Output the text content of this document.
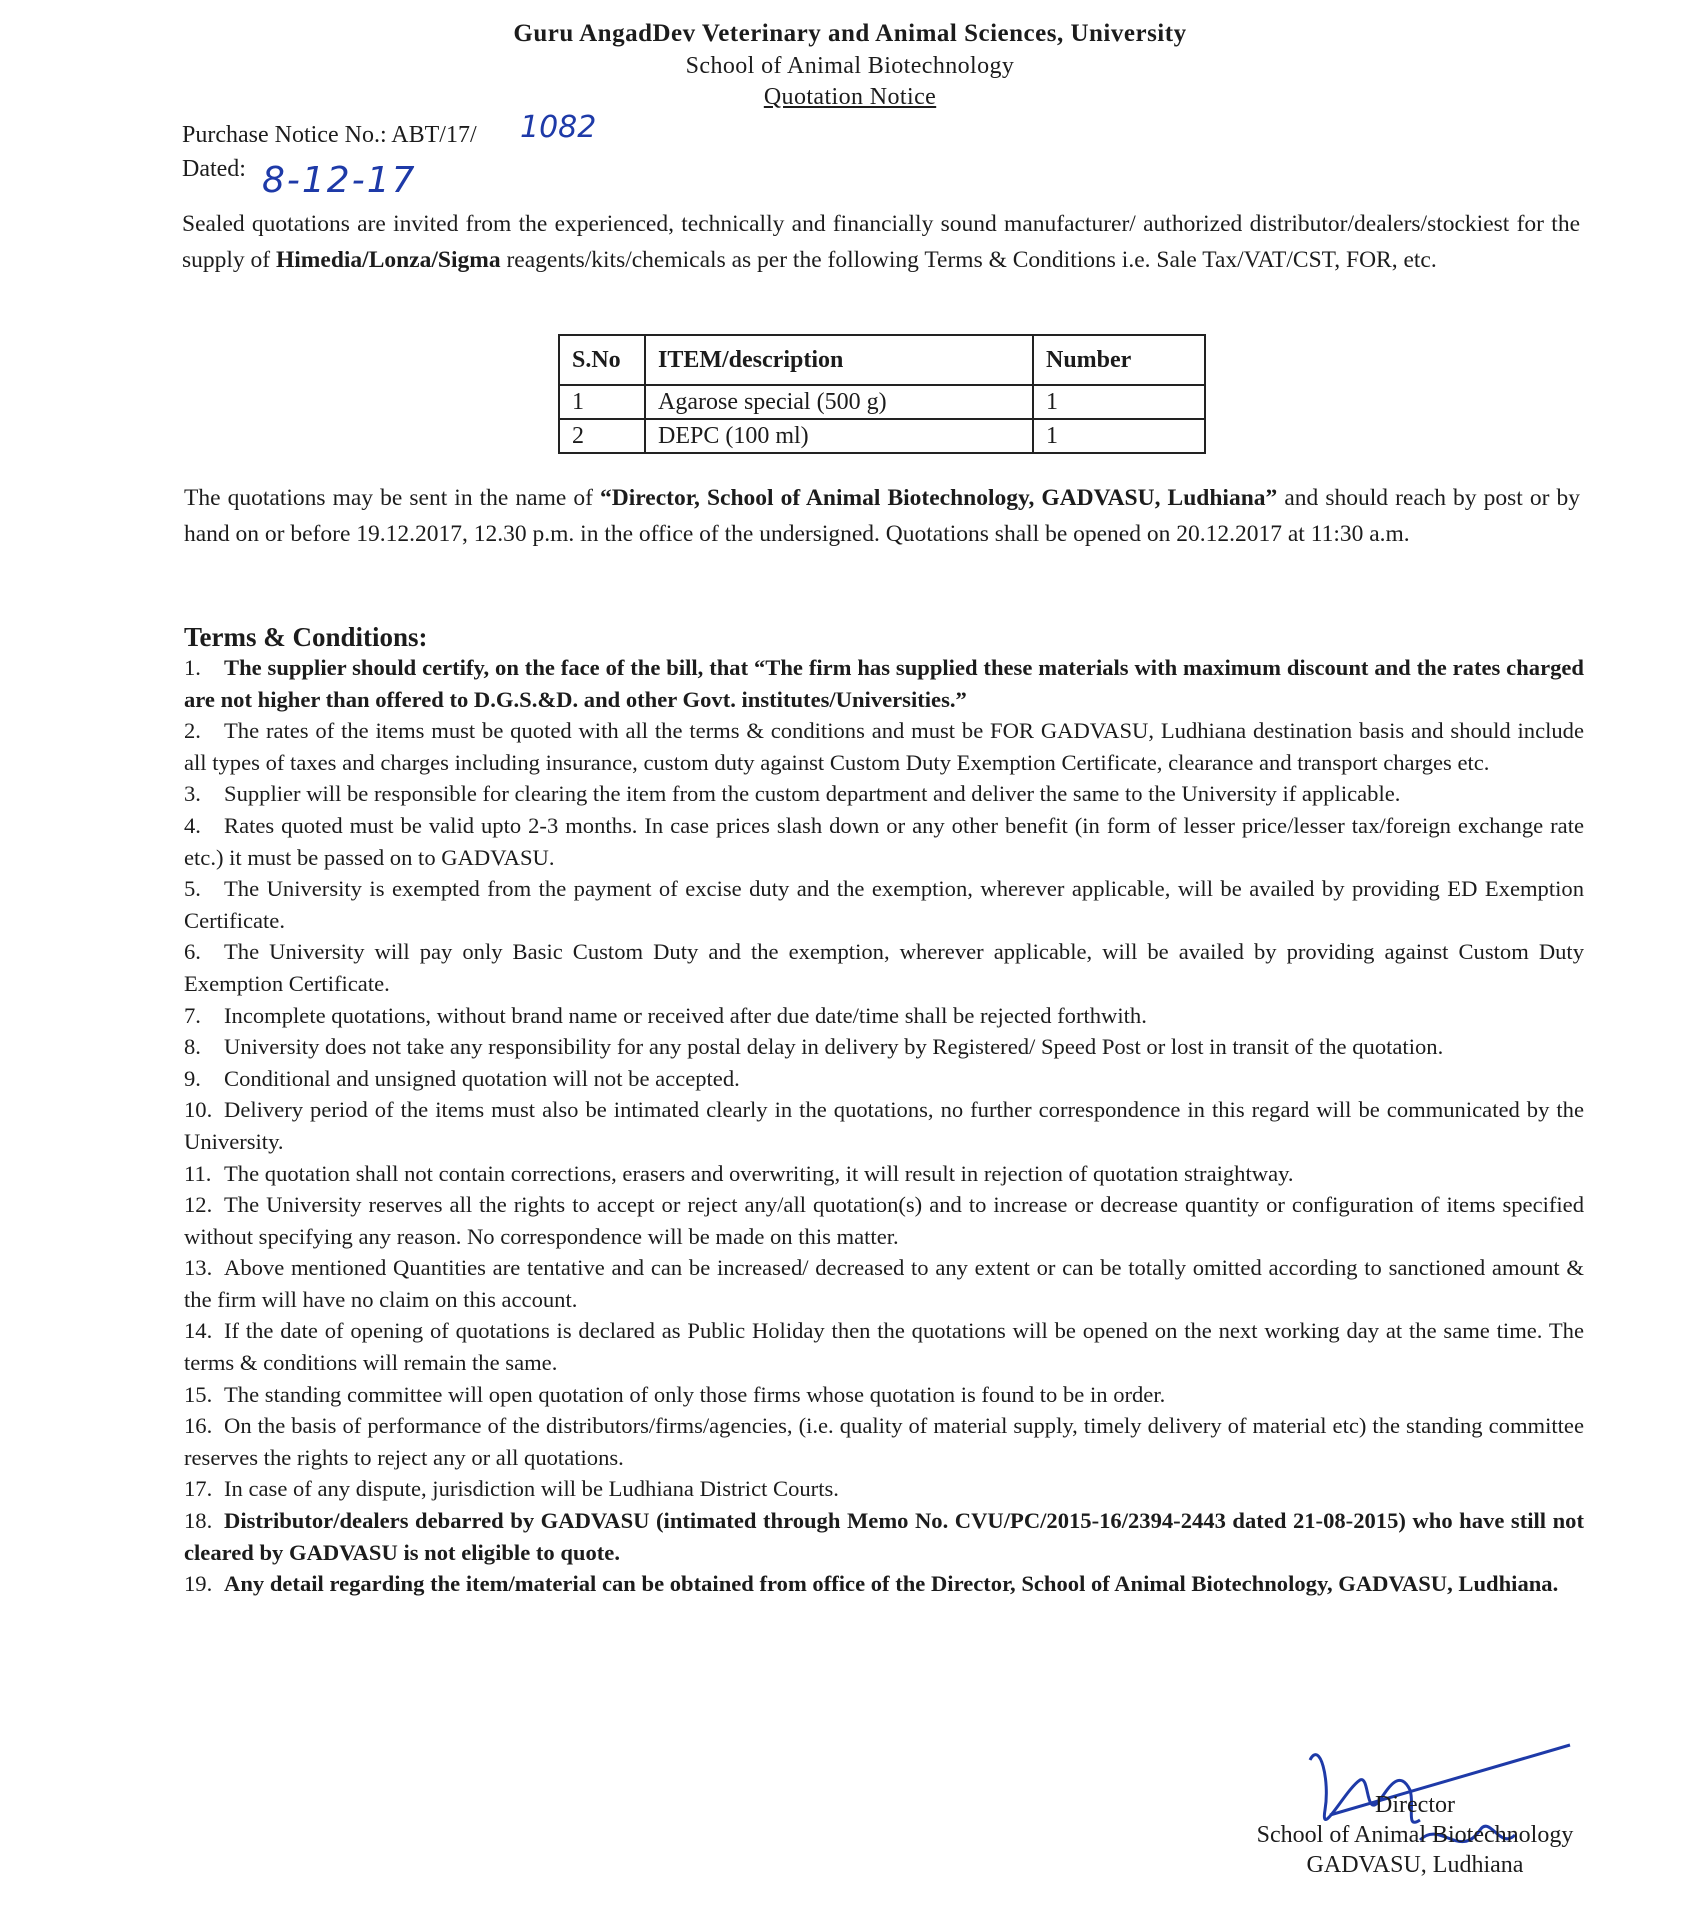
Guru AngadDev Veterinary and Animal Sciences, University
School of Animal Biotechnology
Quotation Notice
Purchase Notice No.: ABT/17/
Dated:
1082
8-12-17
Sealed quotations are invited from the experienced, technically and financially sound manufacturer/ authorized distributor/dealers/stockiest for the supply of Himedia/Lonza/Sigma reagents/kits/chemicals as per the following Terms & Conditions i.e. Sale Tax/VAT/CST, FOR, etc.
S.No	ITEM/description	Number
1	Agarose special (500 g)	1
2	DEPC (100 ml)	1
The quotations may be sent in the name of “Director, School of Animal Biotechnology, GADVASU, Ludhiana” and should reach by post or by hand on or before 19.12.2017, 12.30 p.m. in the office of the undersigned. Quotations shall be opened on 20.12.2017 at 11:30 a.m.
Terms & Conditions:

1. The supplier should certify, on the face of the bill, that “The firm has supplied these materials with maximum discount and the rates charged are not higher than offered to D.G.S.&D. and other Govt. institutes/Universities.”

2. The rates of the items must be quoted with all the terms & conditions and must be FOR GADVASU, Ludhiana destination basis and should include all types of taxes and charges including insurance, custom duty against Custom Duty Exemption Certificate, clearance and transport charges etc.

3. Supplier will be responsible for clearing the item from the custom department and deliver the same to the University if applicable.

4. Rates quoted must be valid upto 2-3 months. In case prices slash down or any other benefit (in form of lesser price/lesser tax/foreign exchange rate etc.) it must be passed on to GADVASU.

5. The University is exempted from the payment of excise duty and the exemption, wherever applicable, will be availed by providing ED Exemption Certificate.

6. The University will pay only Basic Custom Duty and the exemption, wherever applicable, will be availed by providing against Custom Duty Exemption Certificate.

7. Incomplete quotations, without brand name or received after due date/time shall be rejected forthwith.

8. University does not take any responsibility for any postal delay in delivery by Registered/ Speed Post or lost in transit of the quotation.

9. Conditional and unsigned quotation will not be accepted.

10. Delivery period of the items must also be intimated clearly in the quotations, no further correspondence in this regard will be communicated by the University.

11. The quotation shall not contain corrections, erasers and overwriting, it will result in rejection of quotation straightway.

12. The University reserves all the rights to accept or reject any/all quotation(s) and to increase or decrease quantity or configuration of items specified without specifying any reason. No correspondence will be made on this matter.

13. Above mentioned Quantities are tentative and can be increased/ decreased to any extent or can be totally omitted according to sanctioned amount & the firm will have no claim on this account.

14. If the date of opening of quotations is declared as Public Holiday then the quotations will be opened on the next working day at the same time. The terms & conditions will remain the same.

15. The standing committee will open quotation of only those firms whose quotation is found to be in order.

16. On the basis of performance of the distributors/firms/agencies, (i.e. quality of material supply, timely delivery of material etc) the standing committee reserves the rights to reject any or all quotations.

17. In case of any dispute, jurisdiction will be Ludhiana District Courts.

18. Distributor/dealers debarred by GADVASU (intimated through Memo No. CVU/PC/2015-16/2394-2443 dated 21-08-2015) who have still not cleared by GADVASU is not eligible to quote.

19. Any detail regarding the item/material can be obtained from office of the Director, School of Animal Biotechnology, GADVASU, Ludhiana.

Director
School of Animal Biotechnology
GADVASU, Ludhiana
